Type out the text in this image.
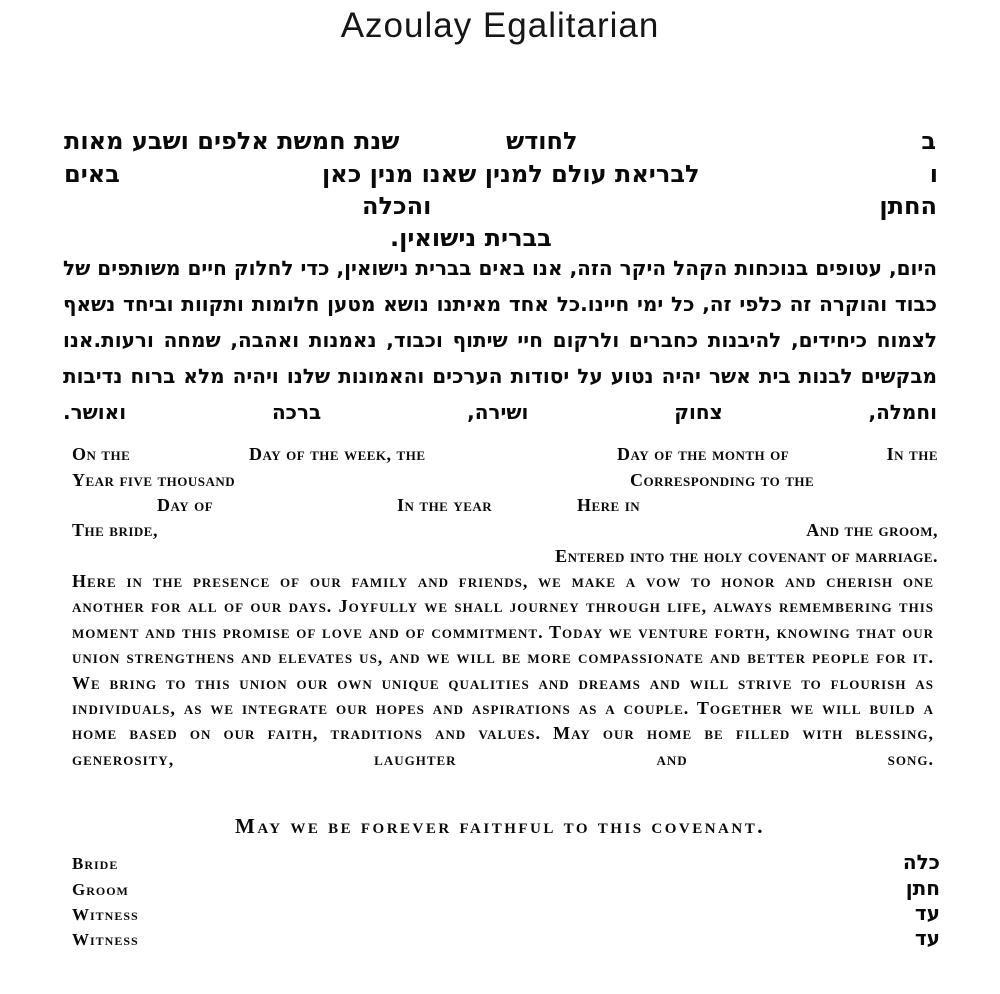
Azoulay Egalitarian
שנת חמשת אלפים ושבע מאות	לחודש	ב
באים	לבריאת עולם למנין שאנו מנין כאן	ו
והכלה	החתן
בברית נישואין.

היום, עטופים בנוכחות הקהל היקר הזה, אנו באים בברית נישואין, כדי לחלוק חיים משותפים של כבוד והוקרה זה כלפי זה, כל ימי חיינו.כל אחד מאיתנו נושא מטען חלומות ותקוות וביחד נשאף לצמוח כיחידים, להיבנות כחברים ולרקום חיי שיתוף וכבוד, נאמנות ואהבה, שמחה ורעות.אנו מבקשים לבנות בית אשר יהיה נטוע על יסודות הערכים והאמונות שלנו ויהיה מלא ברוח נדיבות וחמלה, צחוק ושירה, ברכה ואושר.

On the	Day of the week, the	Day of the month of	In the
Year five thousand	Corresponding to the
Day of	In the year	Here in
The bride,	And the groom,
Entered into the holy covenant of marriage.

Here in the presence of our family and friends, we make a vow to honor and cherish one another for all of our days. Joyfully we shall journey through life, always remembering this moment and this promise of love and of commitment. Today we venture forth, knowing that our union strengthens and elevates us, and we will be more compassionate and better people for it. We bring to this union our own unique qualities and dreams and will strive to flourish as individuals, as we integrate our hopes and aspirations as a couple. Together we will build a home based on our faith, traditions and values. May our home be filled with blessing, generosity, laughter and song.

May we be forever faithful to this covenant.
Bride	כלה
Groom	חתן
Witness	עד
Witness	עד
